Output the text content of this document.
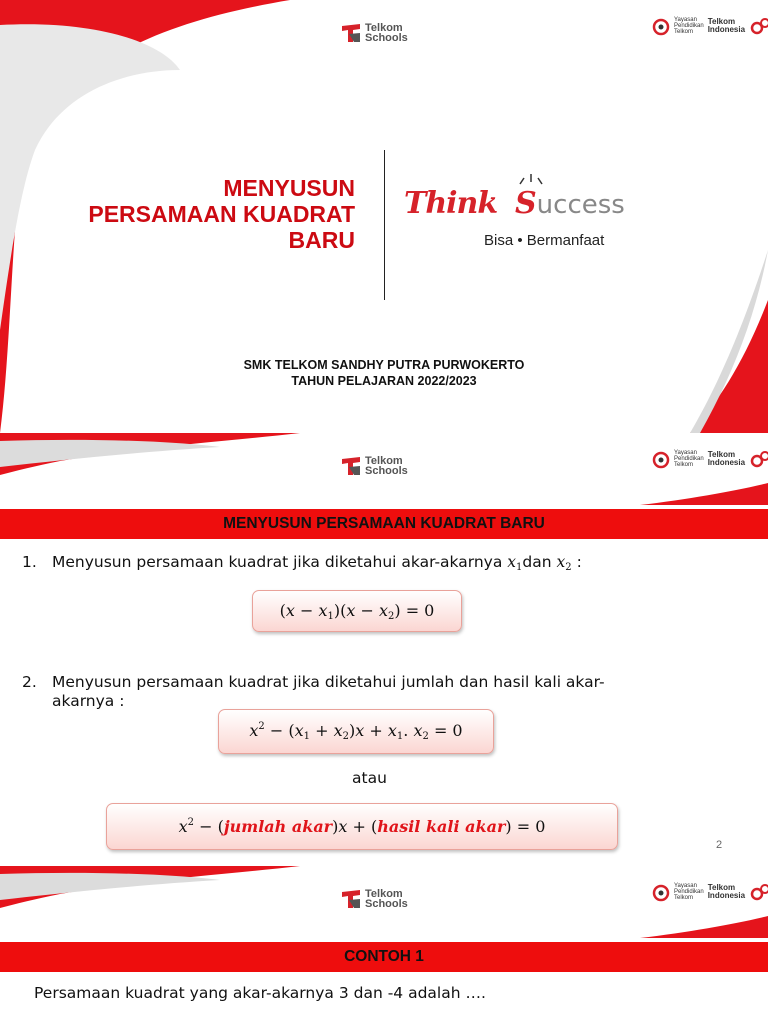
Telkom
Schools
Yayasan
Pendidikan
Telkom
Telkom
Indonesia
MENYUSUN
PERSAMAAN KUADRAT
BARU
Think Success
Bisa • Bermanfaat
SMK TELKOM SANDHY PUTRA PURWOKERTO
TAHUN PELAJARAN 2022/2023
Telkom
Schools
Yayasan
Pendidikan
Telkom
Telkom
Indonesia
MENYUSUN PERSAMAAN KUADRAT BARU
1. Menyusun persamaan kuadrat jika diketahui akar-akarnya $x_1dan$ $x_2$ :
$(x - x_1)(x - x_2) = 0$
2. Menyusun persamaan kuadrat jika diketahui jumlah dan hasil kali akar-
akarnya :
$x^2 - (x_1 + x_2)x + x_1$. $x_2 = 0$
atau
$x^2$ − (jumlah akar)x + (hasil kali akar) = 0
2
Telkom
Schools
Yayasan
Pendidikan
Telkom
Telkom
Indonesia
CONTOH 1
Persamaan kuadrat yang akar-akarnya 3 dan -4 adalah ….
